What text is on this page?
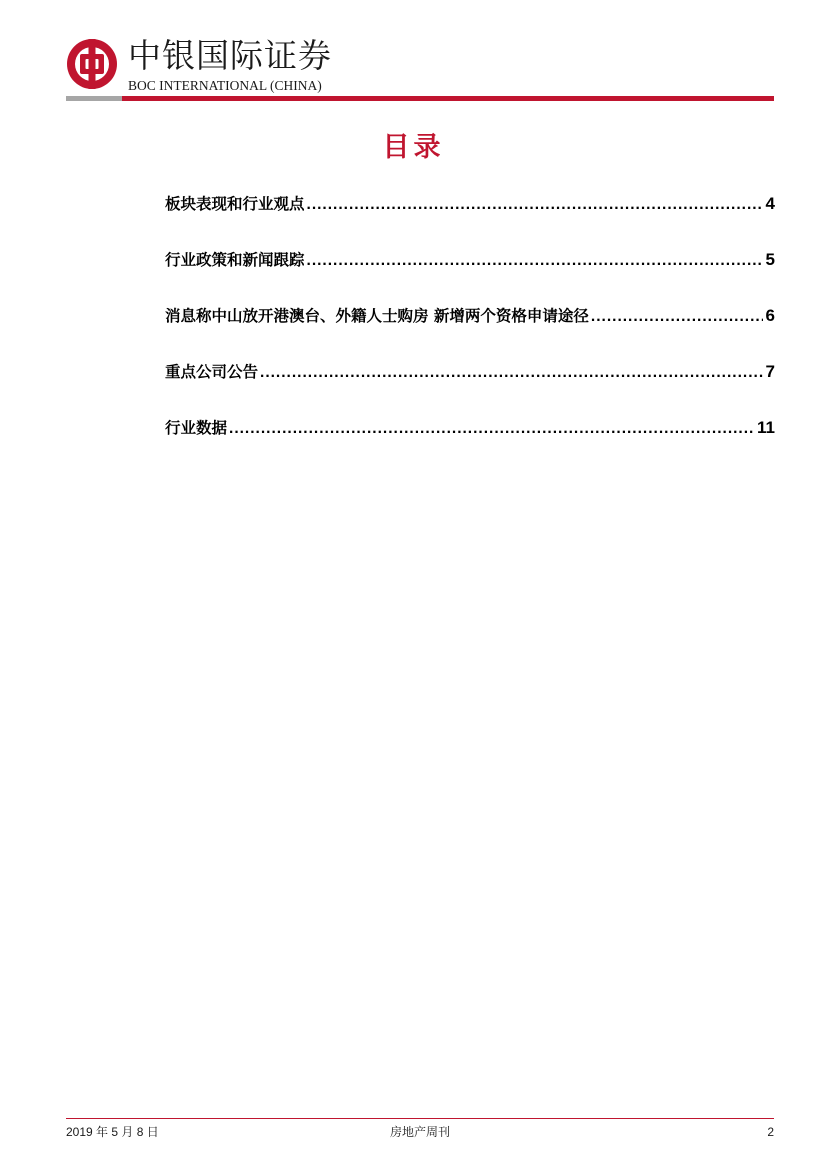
中银国际证券
BOC INTERNATIONAL (CHINA)
目录
板块表现和行业观点 .....	4
行业政策和新闻跟踪 .....	5
消息称中山放开港澳台、外籍人士购房 新增两个资格申请途径 .....	6
重点公司公告 .....	7
行业数据 .....	11
2019 年 5 月 8 日	房地产周刊	2
